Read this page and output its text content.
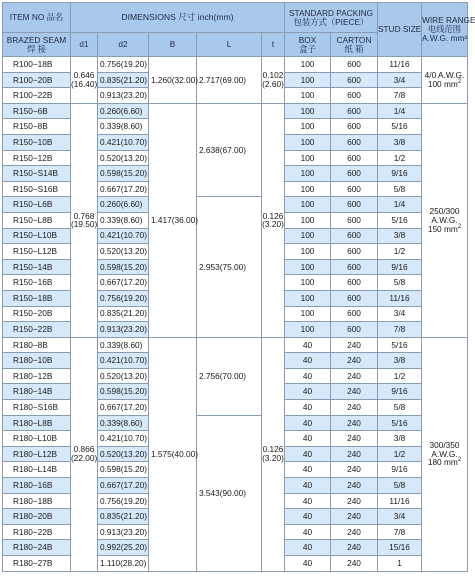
ITEM NO 品名	DIMENSIONS 尺寸 inch(mm)					STANDARD PACKING
包装方式（PIECE）		STUD SIZE	WIRE RANGE
电线范围
A.W.G. mm²

BRAZED SEAM
焊 接	d1	d2	B	L	t	BOX
盒子	CARTON
纸 箱		

R100−18B	0.646
(16.40)	0.756(19.20)	1.260(32.00)	2.717(69.00)	0.102
(2.60)	100	600	11/16	4/0 A.W.G.
100 $mm^2$

R100−20B		0.835(21.20)				100	600	3/4	
R100−22B		0.913(23.20)				100	600	7/8	
R150−6B	0.768
(19.50)	0.260(6.60)	1.417(36.00)	2.638(67.00)	0.126
(3.20)	100	600	1/4	250/300 A.W.G.
150 $mm^2$

R150−8B		0.339(8.60)				100	600	5/16	
R150−10B		0.421(10.70)				100	600	3/8	
R150−12B		0.520(13.20)				100	600	1/2	
R150−S14B		0.598(15.20)				100	600	9/16	
R150−S16B		0.667(17.20)				100	600	5/8	
R150−L6B		0.260(6.60)		2.953(75.00)		100	600	1/4	
R150−L8B		0.339(8.60)				100	600	5/16	
R150−L10B		0.421(10.70)				100	600	3/8	
R150−L12B		0.520(13.20)				100	600	1/2	
R150−14B		0.598(15.20)				100	600	9/16	
R150−16B		0.667(17.20)				100	600	5/8	
R150−18B		0.756(19.20)				100	600	11/16	
R150−20B		0.835(21.20)				100	600	3/4	
R150−22B		0.913(23.20)				100	600	7/8	
R180−8B	0.866
(22.00)	0.339(8.60)	1.575(40.00)	2.756(70.00)	0.126
(3.20)	40	240	5/16	300/350 A.W.G.
180 $mm^2$

R180−10B		0.421(10.70)				40	240	3/8	
R180−12B		0.520(13.20)				40	240	1/2	
R180−14B		0.598(15.20)				40	240	9/16	
R180−S16B		0.667(17.20)				40	240	5/8	
R180−L8B		0.339(8.60)		3.543(90.00)		40	240	5/16	
R180−L10B		0.421(10.70)				40	240	3/8	
R180−L12B		0.520(13.20)				40	240	1/2	
R180−L14B		0.598(15.20)				40	240	9/16	
R180−16B		0.667(17.20)				40	240	5/8	
R180−18B		0.756(19.20)				40	240	11/16	
R180−20B		0.835(21.20)				40	240	3/4	
R180−22B		0.913(23.20)				40	240	7/8	
R180−24B		0.992(25.20)				40	240	15/16	
R180−27B		1.110(28.20)				40	240	1	
